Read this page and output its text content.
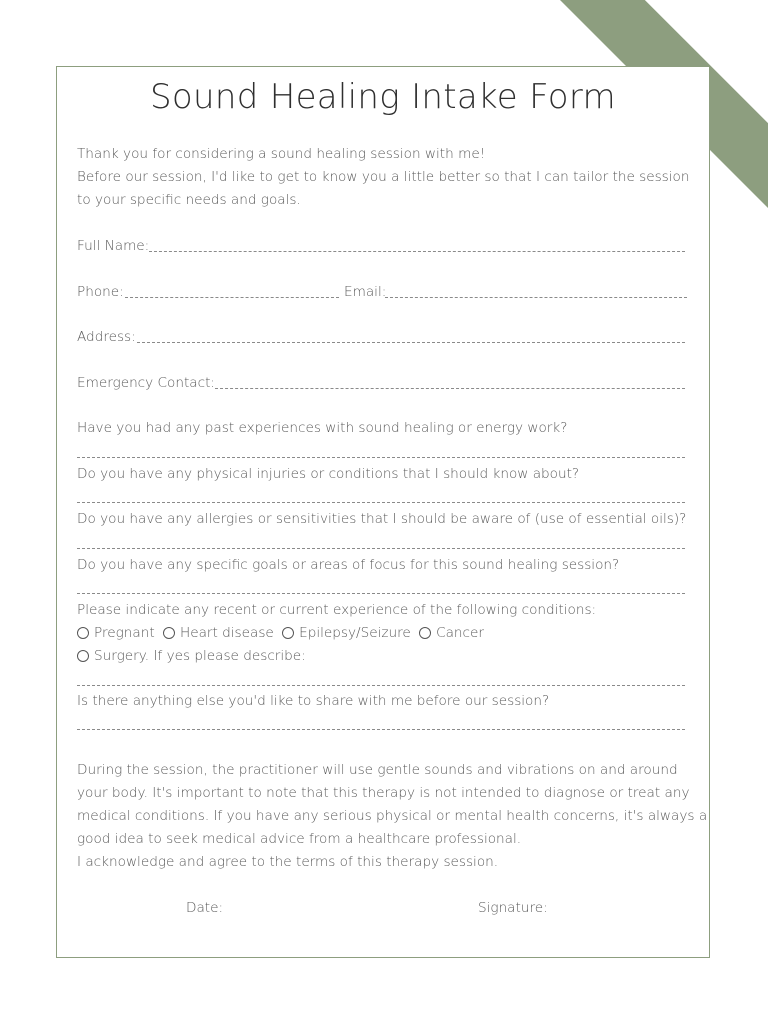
Sound Healing Intake Form
Thank you for considering a sound healing session with me!
Before our session, I'd like to get to know you a little better so that I can tailor the session
to your specific needs and goals.
Full Name:
Phone:	Email:
Address:
Emergency Contact:
Have you had any past experiences with sound healing or energy work?
Do you have any physical injuries or conditions that I should know about?
Do you have any allergies or sensitivities that I should be aware of (use of essential oils)?
Do you have any specific goals or areas of focus for this sound healing session?
Please indicate any recent or current experience of the following conditions:
Pregnant Heart disease Epilepsy/Seizure Cancer
Surgery. If yes please describe:
Is there anything else you'd like to share with me before our session?
During the session, the practitioner will use gentle sounds and vibrations on and around
your body. It's important to note that this therapy is not intended to diagnose or treat any
medical conditions. If you have any serious physical or mental health concerns, it's always a
good idea to seek medical advice from a healthcare professional.
I acknowledge and agree to the terms of this therapy session.
Date:	Signature:
